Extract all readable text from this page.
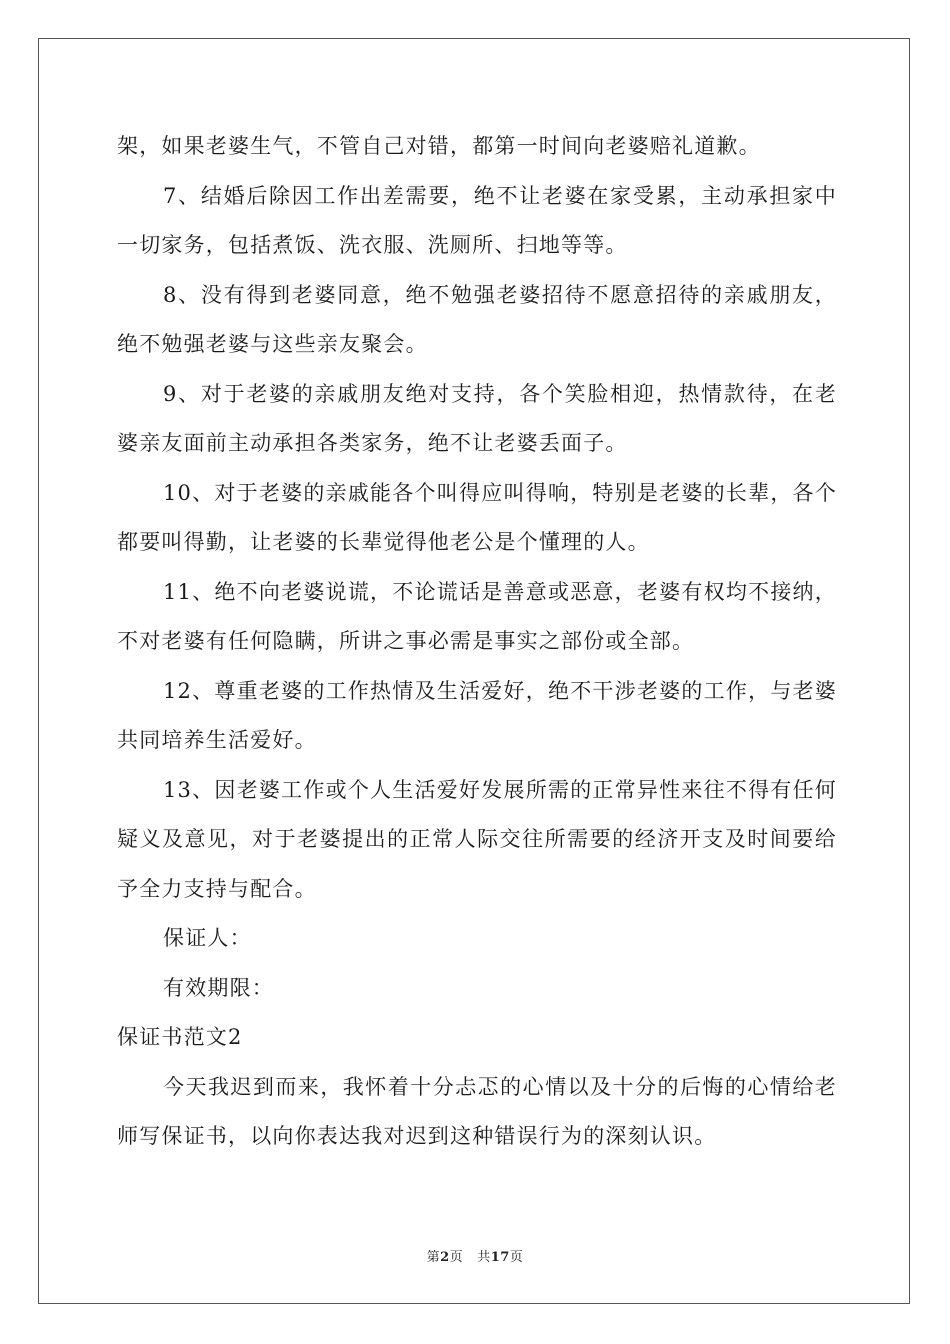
架，如果老婆生气，不管自己对错，都第一时间向老婆赔礼道歉。

7、结婚后除因工作出差需要，绝不让老婆在家受累，主动承担家中一切家务，包括煮饭、洗衣服、洗厕所、扫地等等。

8、没有得到老婆同意，绝不勉强老婆招待不愿意招待的亲戚朋友，绝不勉强老婆与这些亲友聚会。

9、对于老婆的亲戚朋友绝对支持，各个笑脸相迎，热情款待，在老婆亲友面前主动承担各类家务，绝不让老婆丢面子。

10、对于老婆的亲戚能各个叫得应叫得响，特别是老婆的长辈，各个都要叫得勤，让老婆的长辈觉得他老公是个懂理的人。

11、绝不向老婆说谎，不论谎话是善意或恶意，老婆有权均不接纳，不对老婆有任何隐瞒，所讲之事必需是事实之部份或全部。

12、尊重老婆的工作热情及生活爱好，绝不干涉老婆的工作，与老婆共同培养生活爱好。

13、因老婆工作或个人生活爱好发展所需的正常异性来往不得有任何疑义及意见，对于老婆提出的正常人际交往所需要的经济开支及时间要给予全力支持与配合。

保证人：

有效期限：

保证书范文2

今天我迟到而来，我怀着十分忐忑的心情以及十分的后悔的心情给老师写保证书，以向你表达我对迟到这种错误行为的深刻认识。

第2页 共17页
